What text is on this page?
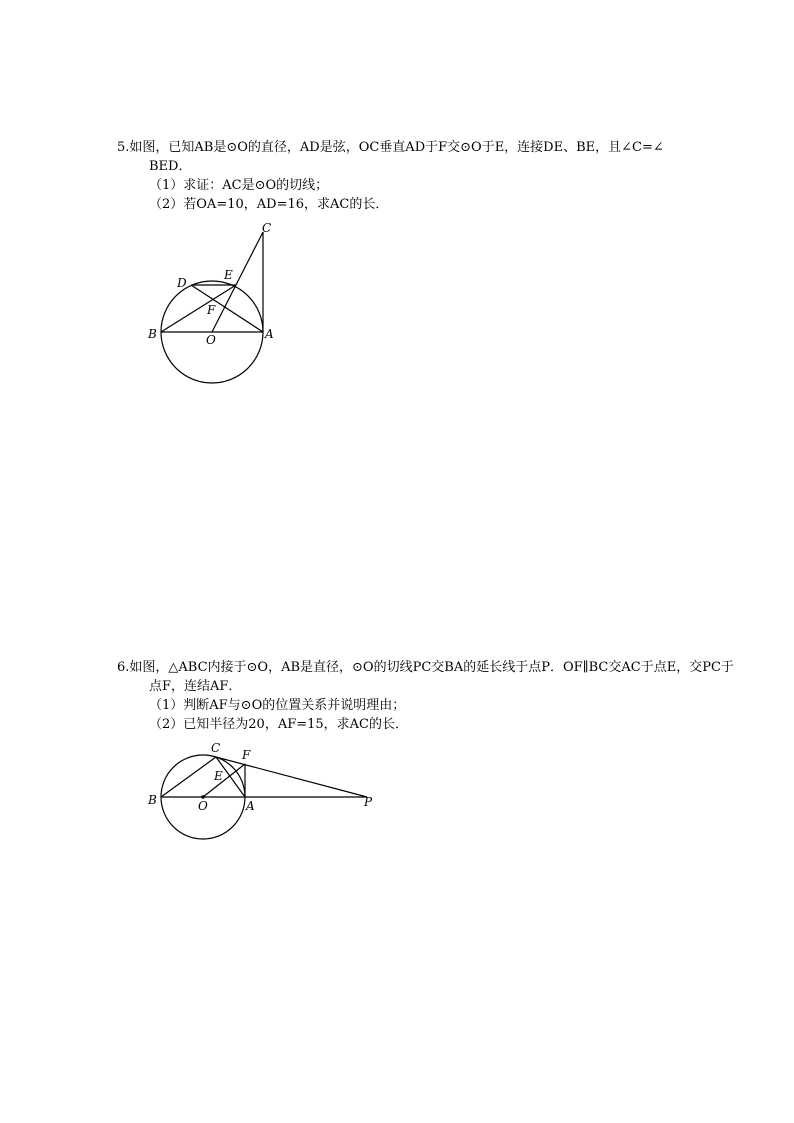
5.如图，已知AB是⊙O的直径，AD是弦，OC垂直AD于F交⊙O于E，连接DE、BE，且∠C=∠
BED．
（1）求证：AC是⊙O的切线；
（2）若OA=10，AD=16，求AC的长．
C
D
E
F
B	O	A
6.如图，△ABC内接于⊙O，AB是直径，⊙O的切线PC交BA的延长线于点P．OF∥BC交AC于点E，交PC于
点F，连结AF．
（1）判断AF与⊙O的位置关系并说明理由；
（2）已知半径为20，AF=15，求AC的长．
C F
E
B	O	A	P
